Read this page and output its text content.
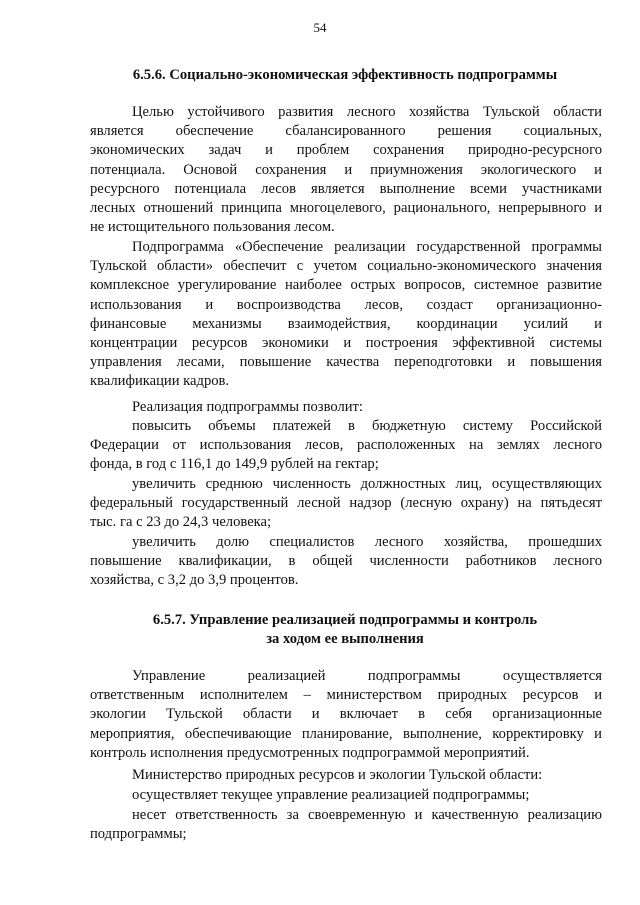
54
6.5.6. Социально-экономическая эффективность подпрограммы
Целью устойчивого развития лесного хозяйства Тульской области
является обеспечение сбалансированного решения социальных,
экономических задач и проблем сохранения природно-ресурсного
потенциала. Основой сохранения и приумножения экологического и
ресурсного потенциала лесов является выполнение всеми участниками
лесных отношений принципа многоцелевого, рационального, непрерывного и
не истощительного пользования лесом.
Подпрограмма «Обеспечение реализации государственной программы
Тульской области» обеспечит с учетом социально-экономического значения
комплексное урегулирование наиболее острых вопросов, системное развитие
использования и воспроизводства лесов, создаст организационно-
финансовые механизмы взаимодействия, координации усилий и
концентрации ресурсов экономики и построения эффективной системы
управления лесами, повышение качества переподготовки и повышения
квалификации кадров.
Реализация подпрограммы позволит:
повысить объемы платежей в бюджетную систему Российской
Федерации от использования лесов, расположенных на землях лесного
фонда, в год с 116,1 до 149,9 рублей на гектар;
увеличить среднюю численность должностных лиц, осуществляющих
федеральный государственный лесной надзор (лесную охрану) на пятьдесят
тыс. га с 23 до 24,3 человека;
увеличить долю специалистов лесного хозяйства, прошедших
повышение квалификации, в общей численности работников лесного
хозяйства, с 3,2 до 3,9 процентов.
6.5.7. Управление реализацией подпрограммы и контроль
за ходом ее выполнения
Управление реализацией подпрограммы осуществляется
ответственным исполнителем – министерством природных ресурсов и
экологии Тульской области и включает в себя организационные
мероприятия, обеспечивающие планирование, выполнение, корректировку и
контроль исполнения предусмотренных подпрограммой мероприятий.
Министерство природных ресурсов и экологии Тульской области:
осуществляет текущее управление реализацией подпрограммы;
несет ответственность за своевременную и качественную реализацию
подпрограммы;
